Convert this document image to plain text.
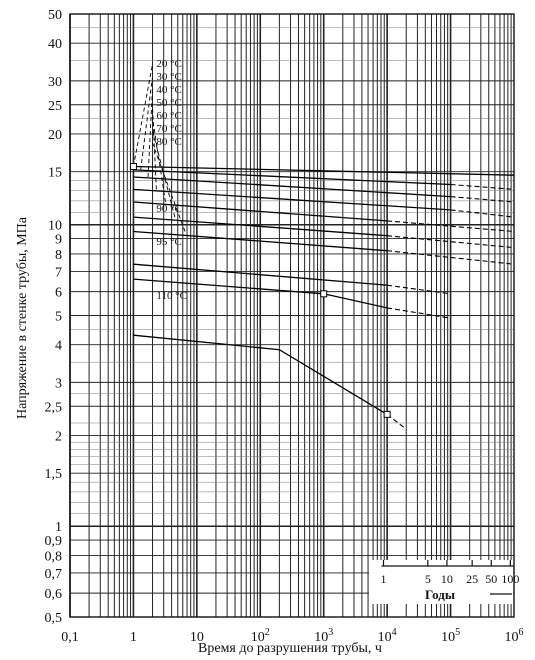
1	5 10 25 50 100
Годы
20 °C
30 °C
40 °C
50 °C
60 °C
70 °C
80 °C
90 °C
95 °C
110 °C
50
40
30
25
20
15
10
9
8
7
6
5
4
3
2,5
2
1,5
1
0,9
0,8
0,7
0,6
0,5
0,1	1	10	$10^2$	$10^3$	$10^4$	$10^5$	$10^6$
Время до разрушения трубы, ч
Напряжение в стенке трубы, МПа
